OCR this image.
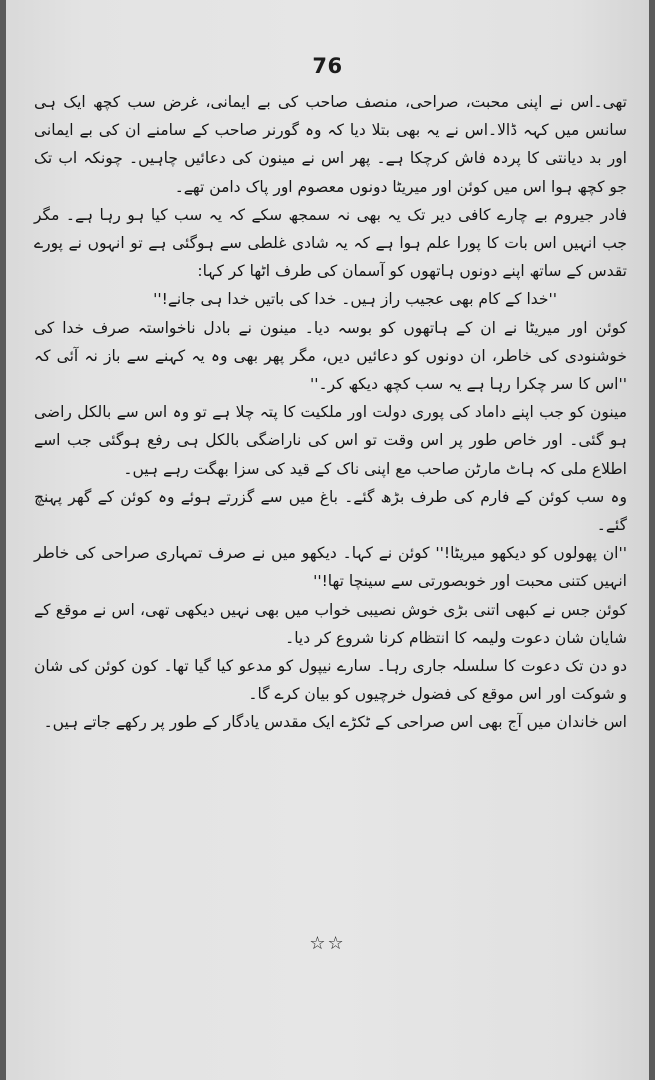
76

تھی۔اس نے اپنی محبت، صراحی، منصف صاحب کی بے ایمانی، غرض سب کچھ ایک ہی سانس میں کہہ ڈالا۔اس نے یہ بھی بتلا دیا کہ وہ گورنر صاحب کے سامنے ان کی بے ایمانی اور بد دیانتی کا پردہ فاش کرچکا ہے۔ پھر اس نے مینون کی دعائیں چاہیں۔ چونکہ اب تک جو کچھ ہوا اس میں کوئن اور میریٹا دونوں معصوم اور پاک دامن تھے۔

فادر جیروم بے چارے کافی دیر تک یہ بھی نہ سمجھ سکے کہ یہ سب کیا ہو رہا ہے۔ مگر جب انہیں اس بات کا پورا علم ہوا ہے کہ یہ شادی غلطی سے ہوگئی ہے تو انہوں نے پورے تقدس کے ساتھ اپنے دونوں ہاتھوں کو آسمان کی طرف اٹھا کر کہا:

''خدا کے کام بھی عجیب راز ہیں۔ خدا کی باتیں خدا ہی جانے!''

کوئن اور میریٹا نے ان کے ہاتھوں کو بوسہ دیا۔ مینون نے بادل ناخواستہ صرف خدا کی خوشنودی کی خاطر، ان دونوں کو دعائیں دیں، مگر پھر بھی وہ یہ کہنے سے باز نہ آئی کہ ''اس کا سر چکرا رہا ہے یہ سب کچھ دیکھ کر۔''

مینون کو جب اپنے داماد کی پوری دولت اور ملکیت کا پتہ چلا ہے تو وہ اس سے بالکل راضی ہو گئی۔ اور خاص طور پر اس وقت تو اس کی ناراضگی بالکل ہی رفع ہوگئی جب اسے اطلاع ملی کہ ہاٹ مارٹن صاحب مع اپنی ناک کے قید کی سزا بھگت رہے ہیں۔

وہ سب کوئن کے فارم کی طرف بڑھ گئے۔ باغ میں سے گزرتے ہوئے وہ کوئن کے گھر پہنچ گئے۔

''ان پھولوں کو دیکھو میریٹا!'' کوئن نے کہا۔ دیکھو میں نے صرف تمہاری صراحی کی خاطر انہیں کتنی محبت اور خوبصورتی سے سینچا تھا!''

کوئن جس نے کبھی اتنی بڑی خوش نصیبی خواب میں بھی نہیں دیکھی تھی، اس نے موقع کے شایان شان دعوت ولیمہ کا انتظام کرنا شروع کر دیا۔

دو دن تک دعوت کا سلسلہ جاری رہا۔ سارے نیپول کو مدعو کیا گیا تھا۔ کون کوئن کی شان و شوکت اور اس موقع کی فضول خرچیوں کو بیان کرے گا۔

اس خاندان میں آج بھی اس صراحی کے ٹکڑے ایک مقدس یادگار کے طور پر رکھے جاتے ہیں۔

☆☆
